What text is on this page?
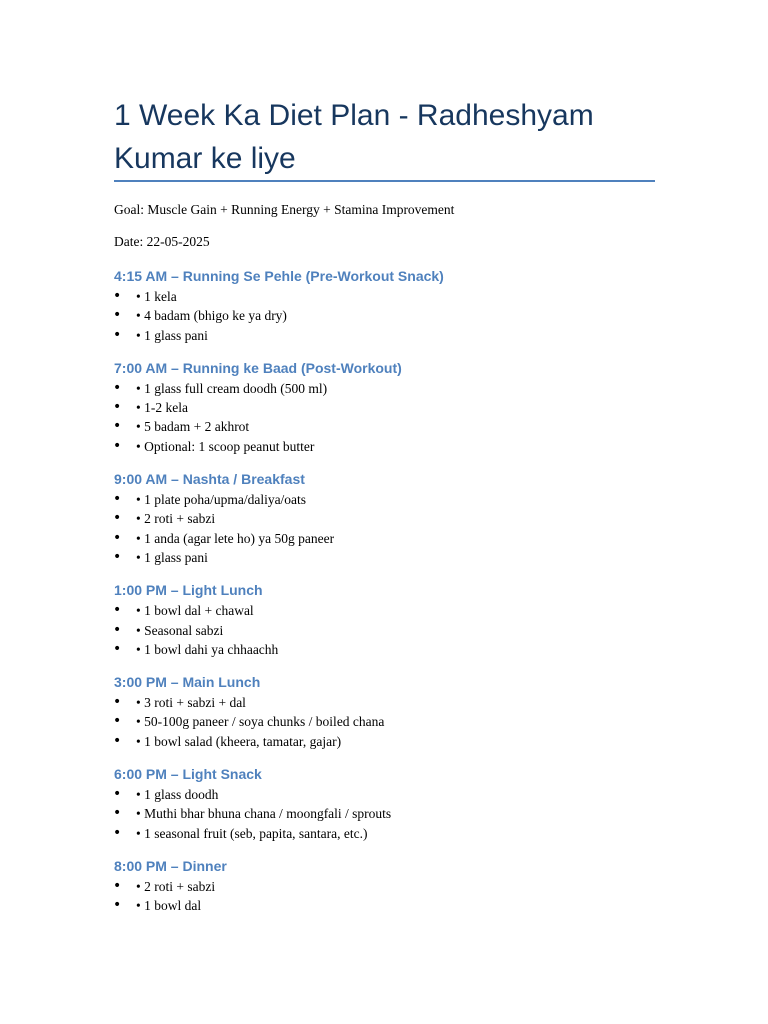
1 Week Ka Diet Plan - Radheshyam Kumar ke liye

Goal: Muscle Gain + Running Energy + Stamina Improvement

Date: 22-05-2025

4:15 AM – Running Se Pehle (Pre-Workout Snack)
• • 1 kela
• • 4 badam (bhigo ke ya dry)
• • 1 glass pani
7:00 AM – Running ke Baad (Post-Workout)
• • 1 glass full cream doodh (500 ml)
• • 1-2 kela
• • 5 badam + 2 akhrot
• • Optional: 1 scoop peanut butter
9:00 AM – Nashta / Breakfast
• • 1 plate poha/upma/daliya/oats
• • 2 roti + sabzi
• • 1 anda (agar lete ho) ya 50g paneer
• • 1 glass pani
1:00 PM – Light Lunch
• • 1 bowl dal + chawal
• • Seasonal sabzi
• • 1 bowl dahi ya chhaachh
3:00 PM – Main Lunch
• • 3 roti + sabzi + dal
• • 50-100g paneer / soya chunks / boiled chana
• • 1 bowl salad (kheera, tamatar, gajar)
6:00 PM – Light Snack
• • 1 glass doodh
• • Muthi bhar bhuna chana / moongfali / sprouts
• • 1 seasonal fruit (seb, papita, santara, etc.)
8:00 PM – Dinner
• • 2 roti + sabzi
• • 1 bowl dal
